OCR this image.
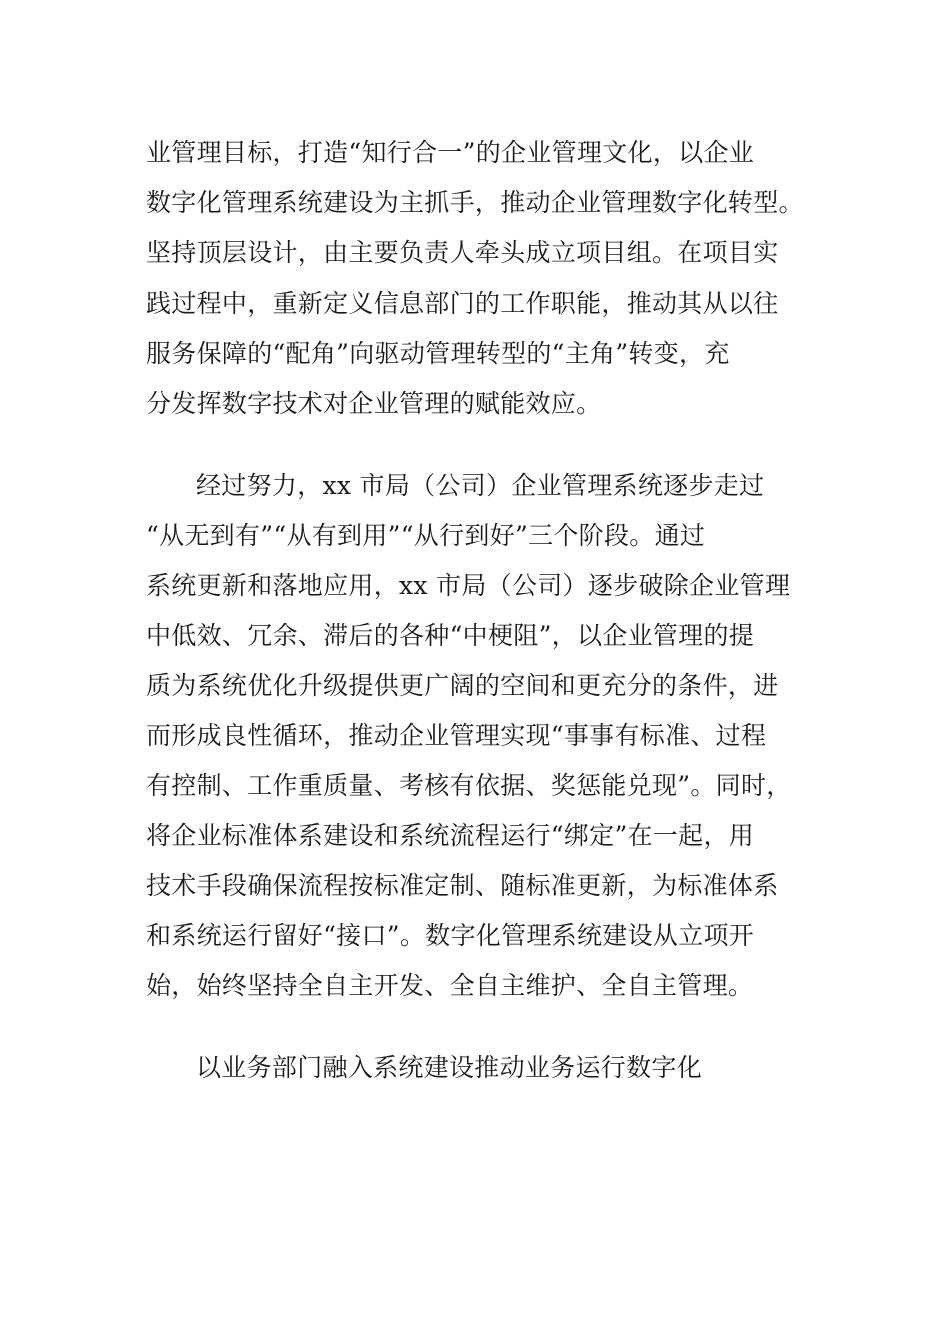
业管理目标，打造“知行合一”的企业管理文化，以企业
数字化管理系统建设为主抓手，推动企业管理数字化转型。
坚持顶层设计，由主要负责人牵头成立项目组。在项目实
践过程中，重新定义信息部门的工作职能，推动其从以往
服务保障的“配角”向驱动管理转型的“主角”转变，充
分发挥数字技术对企业管理的赋能效应。
经过努力，xx 市局（公司）企业管理系统逐步走过
“从无到有”“从有到用”“从行到好”三个阶段。通过
系统更新和落地应用，xx 市局（公司）逐步破除企业管理
中低效、冗余、滞后的各种“中梗阻”，以企业管理的提
质为系统优化升级提供更广阔的空间和更充分的条件，进
而形成良性循环，推动企业管理实现“事事有标准、过程
有控制、工作重质量、考核有依据、奖惩能兑现”。同时，
将企业标准体系建设和系统流程运行“绑定”在一起，用
技术手段确保流程按标准定制、随标准更新，为标准体系
和系统运行留好“接口”。数字化管理系统建设从立项开
始，始终坚持全自主开发、全自主维护、全自主管理。
以业务部门融入系统建设推动业务运行数字化
